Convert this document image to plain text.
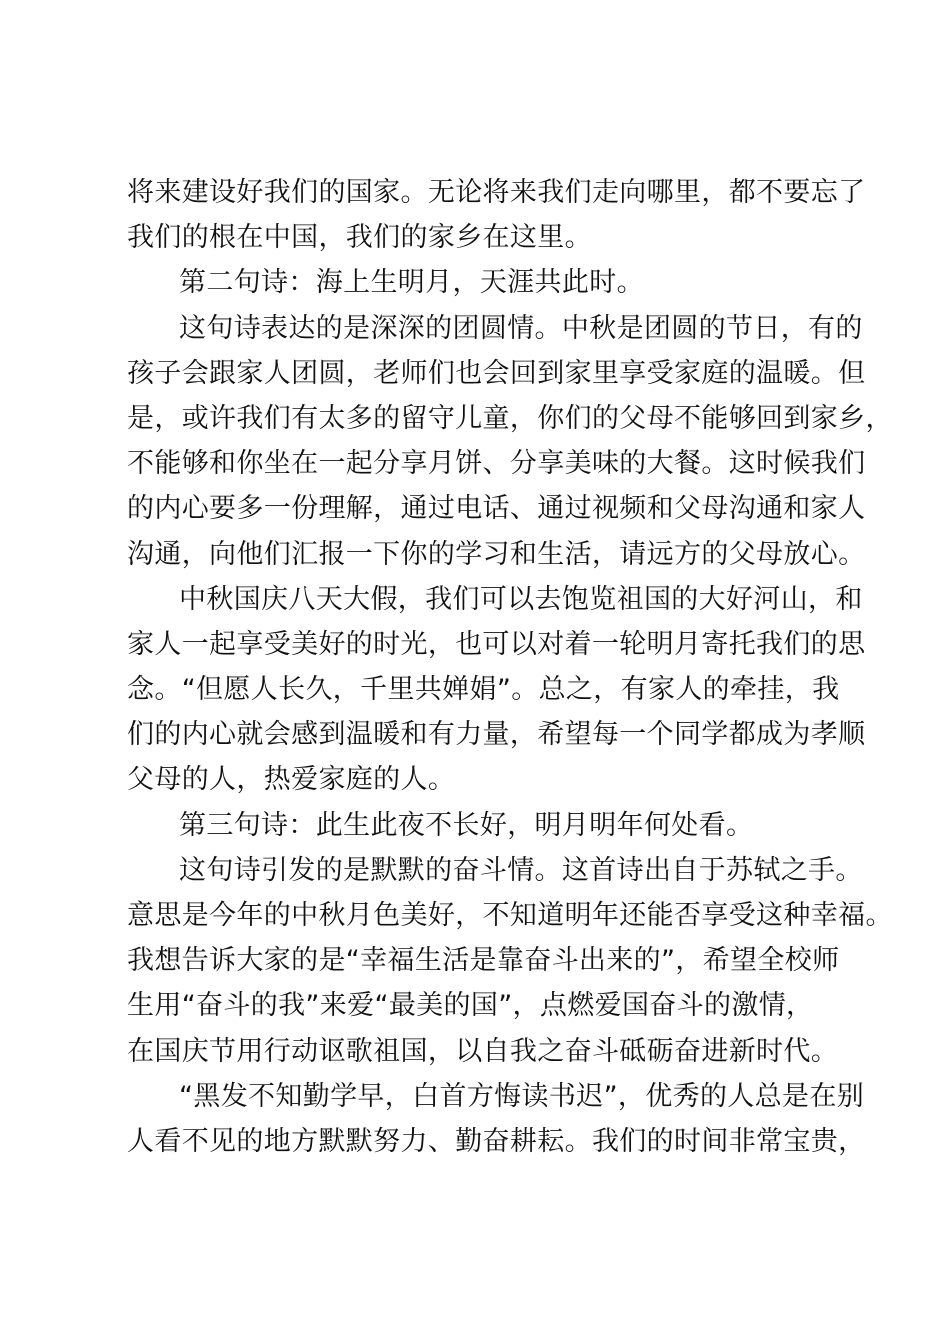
将来建设好我们的国家。无论将来我们走向哪里，都不要忘了
我们的根在中国，我们的家乡在这里。
第二句诗：海上生明月，天涯共此时。
这句诗表达的是深深的团圆情。中秋是团圆的节日，有的
孩子会跟家人团圆，老师们也会回到家里享受家庭的温暖。但
是，或许我们有太多的留守儿童，你们的父母不能够回到家乡，
不能够和你坐在一起分享月饼、分享美味的大餐。这时候我们
的内心要多一份理解，通过电话、通过视频和父母沟通和家人
沟通，向他们汇报一下你的学习和生活，请远方的父母放心。
中秋国庆八天大假，我们可以去饱览祖国的大好河山，和
家人一起享受美好的时光，也可以对着一轮明月寄托我们的思
念。“但愿人长久，千里共婵娟”。总之，有家人的牵挂，我
们的内心就会感到温暖和有力量，希望每一个同学都成为孝顺
父母的人，热爱家庭的人。
第三句诗：此生此夜不长好，明月明年何处看。
这句诗引发的是默默的奋斗情。这首诗出自于苏轼之手。
意思是今年的中秋月色美好，不知道明年还能否享受这种幸福。
我想告诉大家的是“幸福生活是靠奋斗出来的”，希望全校师
生用“奋斗的我”来爱“最美的国”，点燃爱国奋斗的激情，
在国庆节用行动讴歌祖国，以自我之奋斗砥砺奋进新时代。
“黑发不知勤学早，白首方悔读书迟”，优秀的人总是在别
人看不见的地方默默努力、勤奋耕耘。我们的时间非常宝贵，
